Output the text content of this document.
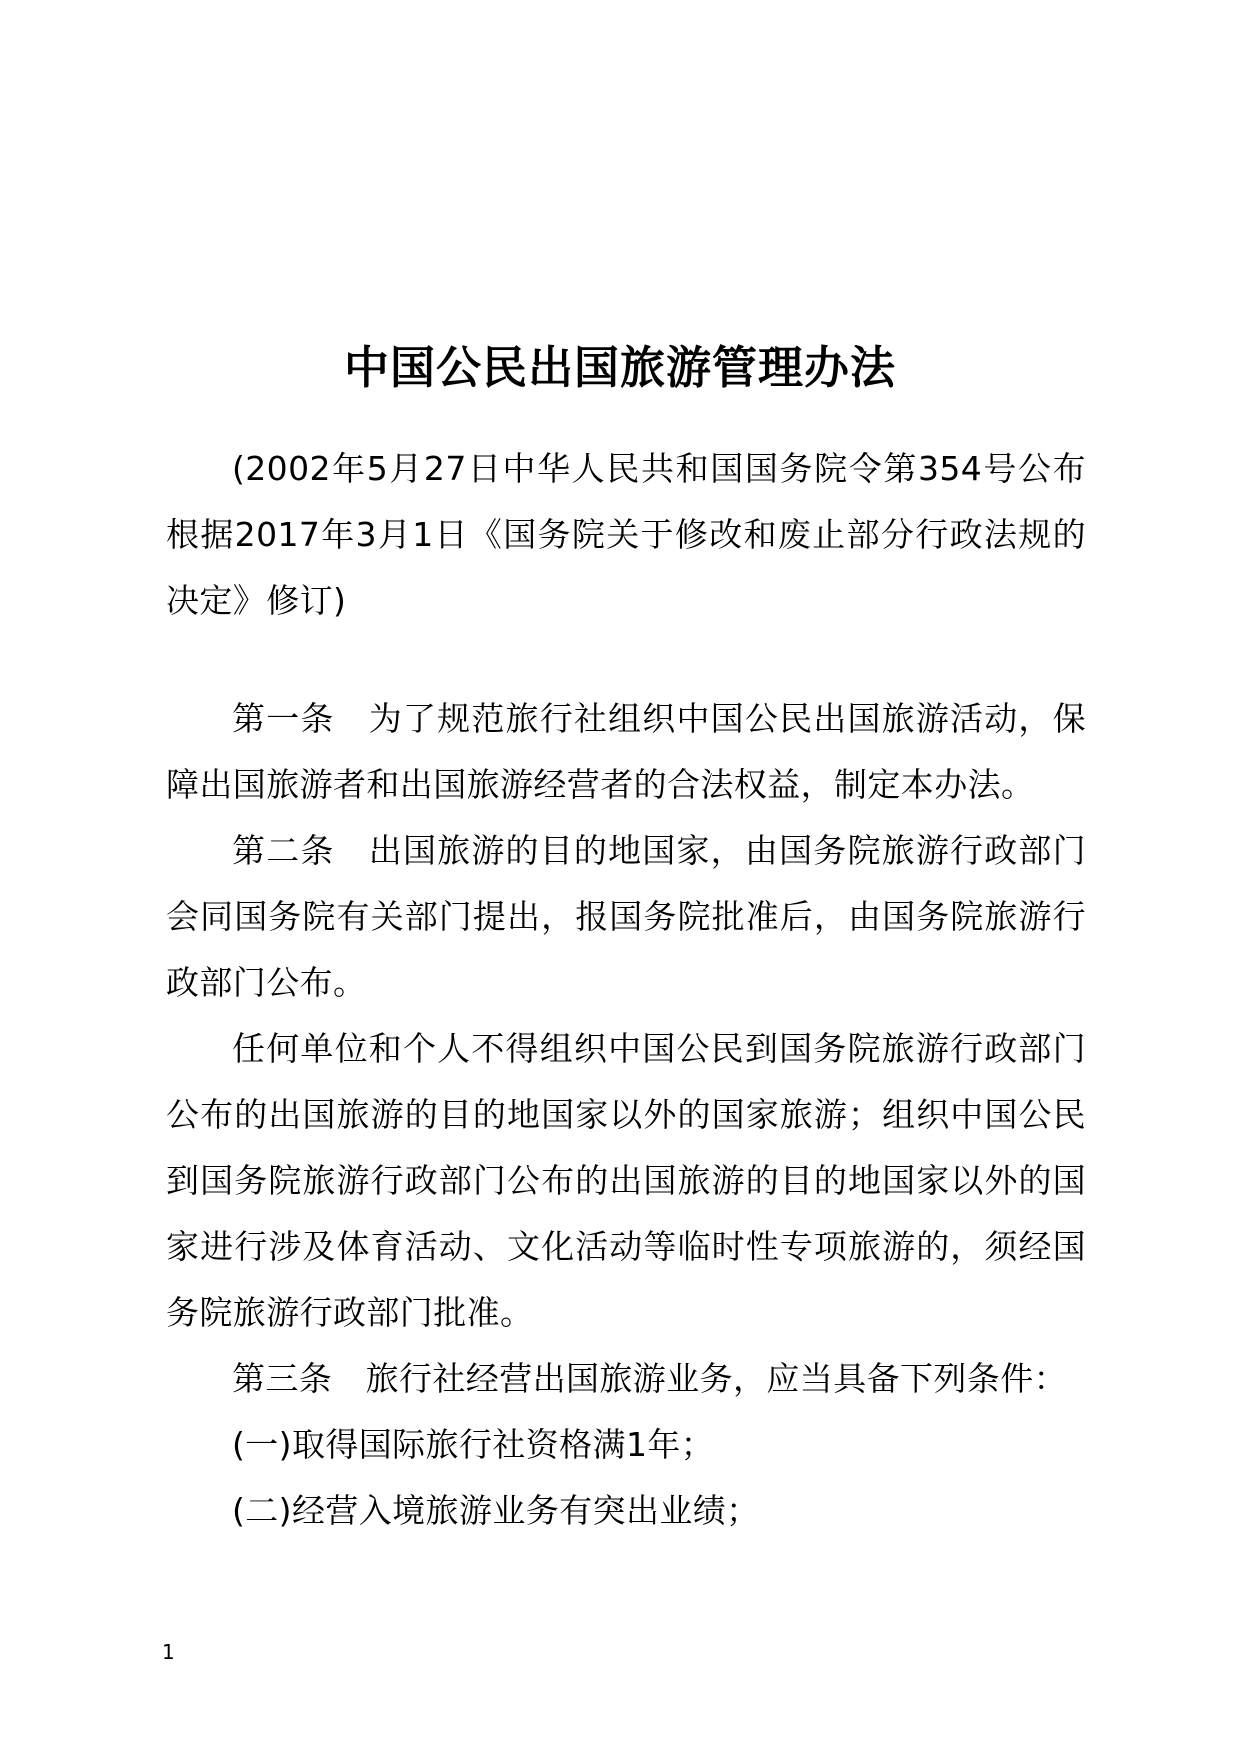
中国公民出国旅游管理办法

(2002年5月27日中华人民共和国国务院令第354号公布　根据2017年3月1日《国务院关于修改和废止部分行政法规的决定》修订)

第一条　为了规范旅行社组织中国公民出国旅游活动，保障出国旅游者和出国旅游经营者的合法权益，制定本办法。

第二条　出国旅游的目的地国家，由国务院旅游行政部门会同国务院有关部门提出，报国务院批准后，由国务院旅游行政部门公布。

任何单位和个人不得组织中国公民到国务院旅游行政部门公布的出国旅游的目的地国家以外的国家旅游；组织中国公民到国务院旅游行政部门公布的出国旅游的目的地国家以外的国家进行涉及体育活动、文化活动等临时性专项旅游的，须经国务院旅游行政部门批准。

第三条　旅行社经营出国旅游业务，应当具备下列条件：

(一)取得国际旅行社资格满1年；

(二)经营入境旅游业务有突出业绩；

1
